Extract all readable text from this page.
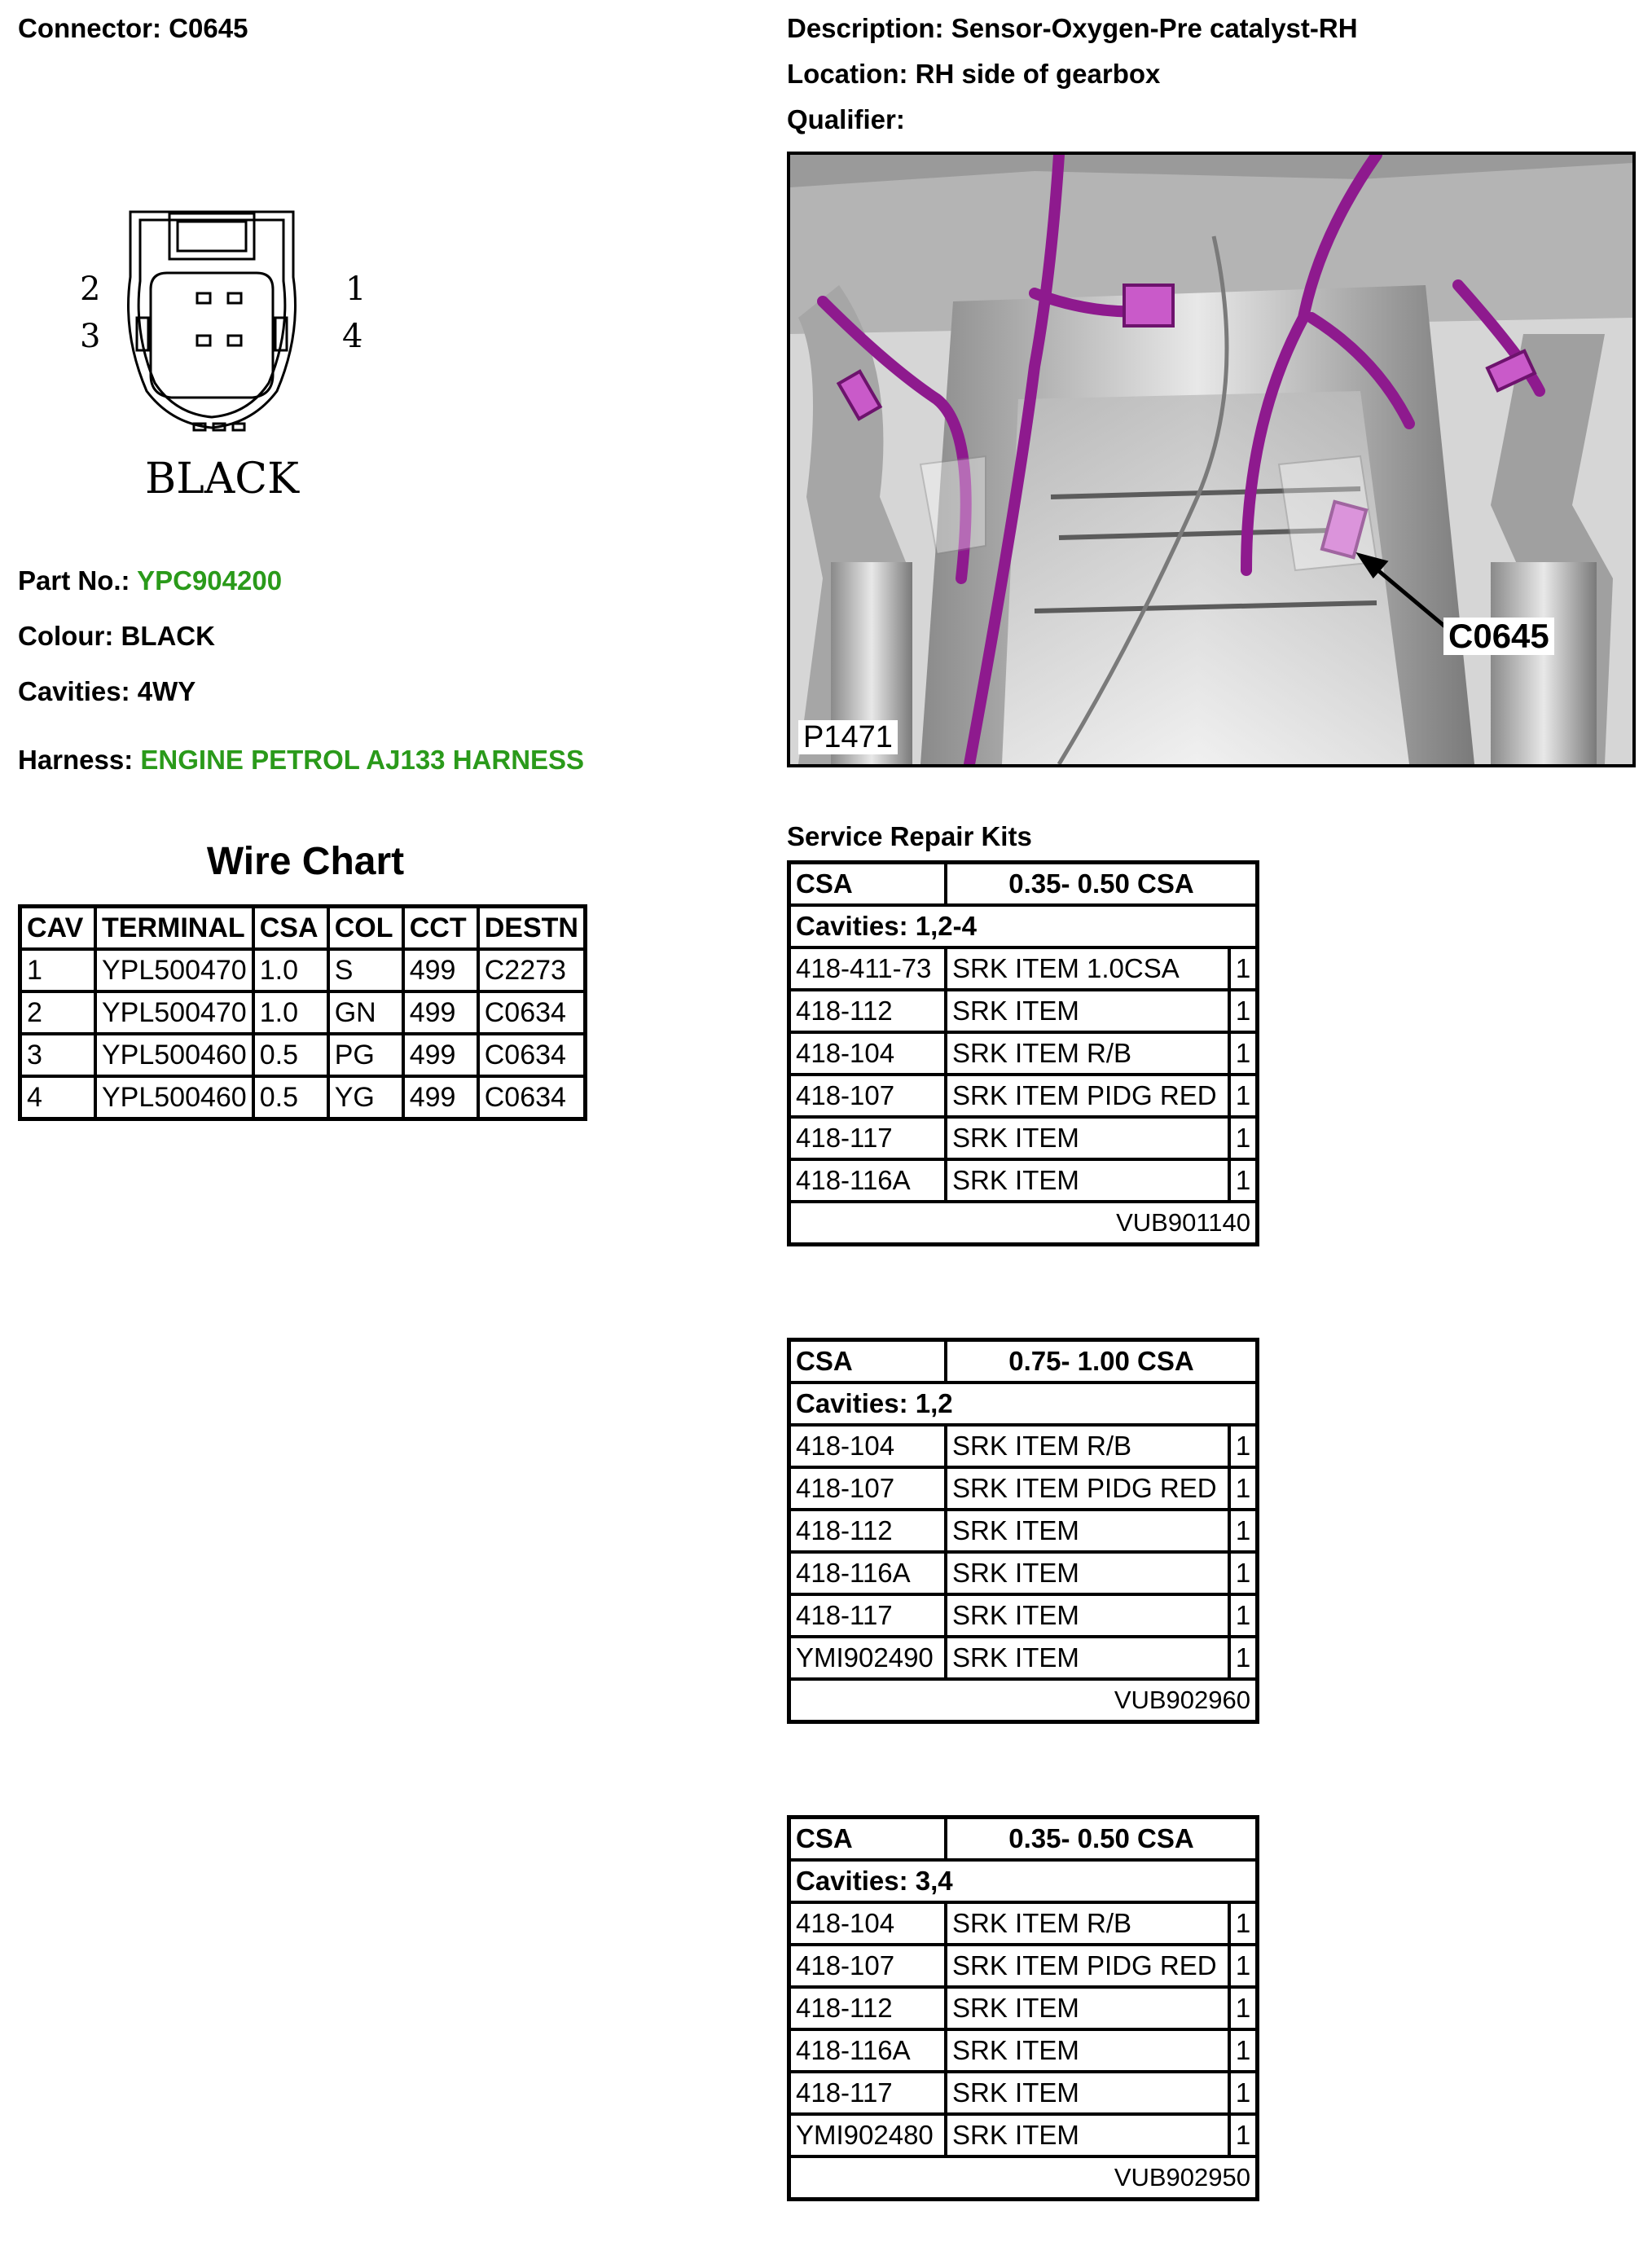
Connector: C0645	Description: Sensor-Oxygen-Pre catalyst-RH
Location: RH side of gearbox
Qualifier:
2
3
1
4
BLACK
Part No.: YPC904200
Colour: BLACK
Cavities: 4WY
Harness: ENGINE PETROL AJ133 HARNESS
C0645
P1471
Wire Chart
CAV	TERMINAL	CSA	COL	CCT	DESTN
1	YPL500470	1.0	S	499	C2273
2	YPL500470	1.0	GN	499	C0634
3	YPL500460	0.5	PG	499	C0634
4	YPL500460	0.5	YG	499	C0634
Service Repair Kits
CSA	0.35- 0.50 CSA	
Cavities: 1,2-4		
418-411-73	SRK ITEM 1.0CSA	1
418-112	SRK ITEM	1
418-104	SRK ITEM R/B	1
418-107	SRK ITEM PIDG RED	1
418-117	SRK ITEM	1
418-116A	SRK ITEM	1
VUB901140		
CSA	0.75- 1.00 CSA	
Cavities: 1,2		
418-104	SRK ITEM R/B	1
418-107	SRK ITEM PIDG RED	1
418-112	SRK ITEM	1
418-116A	SRK ITEM	1
418-117	SRK ITEM	1
YMI902490	SRK ITEM	1
VUB902960		
CSA	0.35- 0.50 CSA	
Cavities: 3,4		
418-104	SRK ITEM R/B	1
418-107	SRK ITEM PIDG RED	1
418-112	SRK ITEM	1
418-116A	SRK ITEM	1
418-117	SRK ITEM	1
YMI902480	SRK ITEM	1
VUB902950		
